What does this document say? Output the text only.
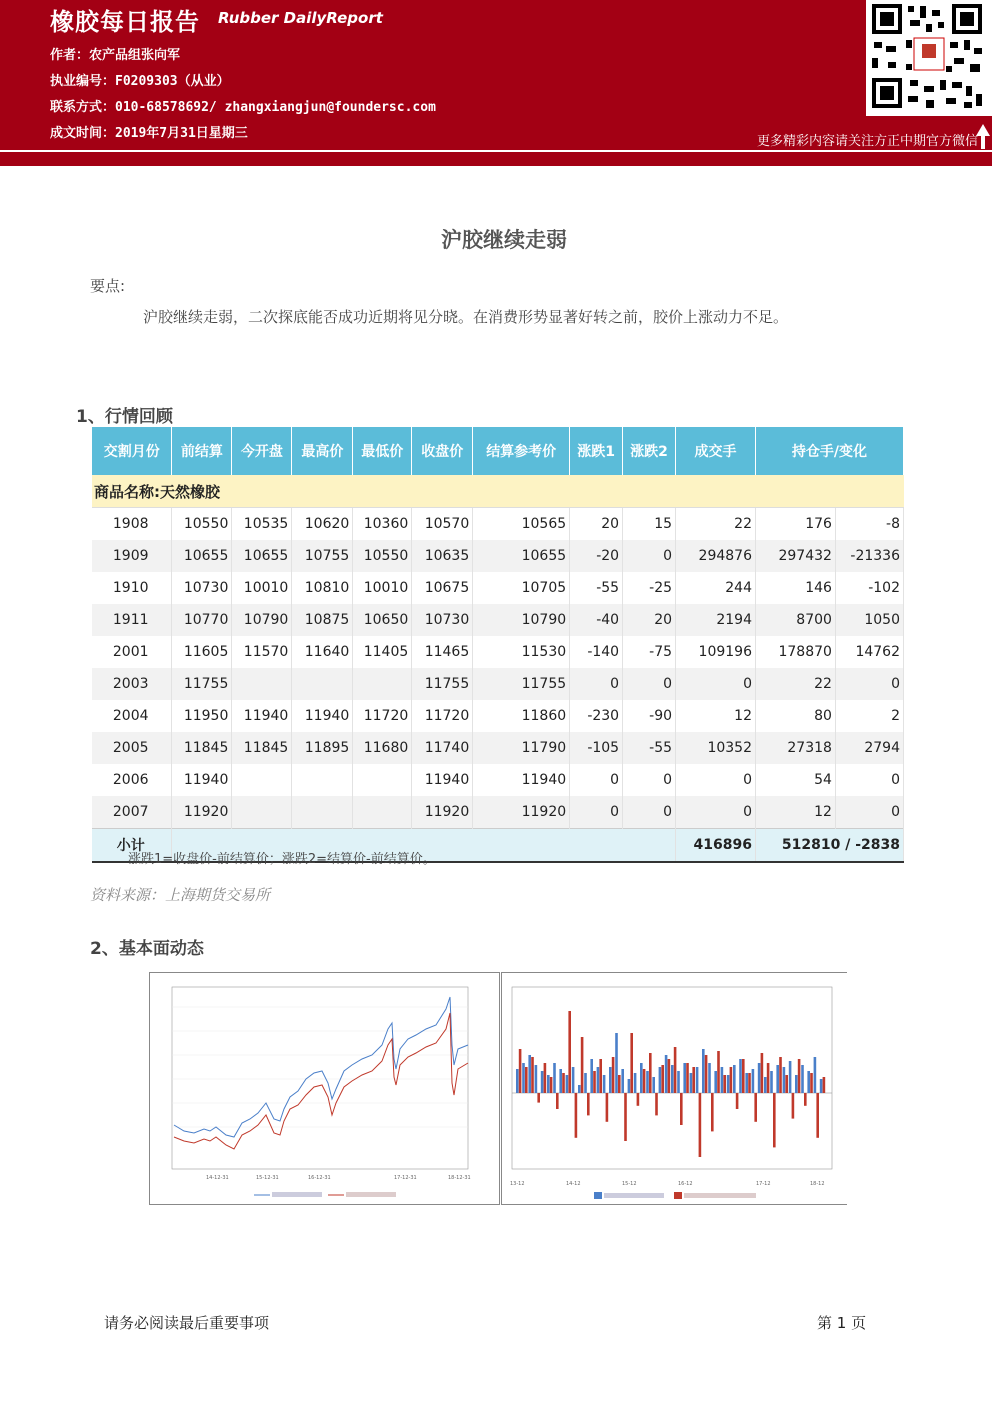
橡胶每日报告 Rubber DailyReport
作者：农产品组张向军
执业编号：F0209303（从业）
联系方式：010-68578692/ zhangxiangjun@foundersc.com
成文时间：2019年7月31日星期三
更多精彩内容请关注方正中期官方微信
沪胶继续走弱
要点:
沪胶继续走弱，二次探底能否成功近期将见分晓。在消费形势显著好转之前，胶价上涨动力不足。
1、行情回顾
交割月份	前结算	今开盘	最高价	最低价	收盘价	结算参考价	涨跌1	涨跌2	成交手	持仓手/变化	
商品名称:天然橡胶											
1908	10550	10535	10620	10360	10570	10565	20	15	22	176	-8
1909	10655	10655	10755	10550	10635	10655	-20	0	294876	297432	-21336
1910	10730	10010	10810	10010	10675	10705	-55	-25	244	146	-102
1911	10770	10790	10875	10650	10730	10790	-40	20	2194	8700	1050
2001	11605	11570	11640	11405	11465	11530	-140	-75	109196	178870	14762
2003	11755				11755	11755	0	0	0	22	0
2004	11950	11940	11940	11720	11720	11860	-230	-90	12	80	2
2005	11845	11845	11895	11680	11740	11790	-105	-55	10352	27318	2794
2006	11940				11940	11940	0	0	0	54	0
2007	11920				11920	11920	0	0	0	12	0
小计									416896	512810 / -2838	
涨跌1=收盘价-前结算价；涨跌2=结算价-前结算价。
资料来源：上海期货交易所
2、基本面动态
14-12-31	15-12-31	16-12-31	17-12-31	18-12-31
13-12	14-12	15-12	16-12	17-12	18-12
请务必阅读最后重要事项	第 1 页
